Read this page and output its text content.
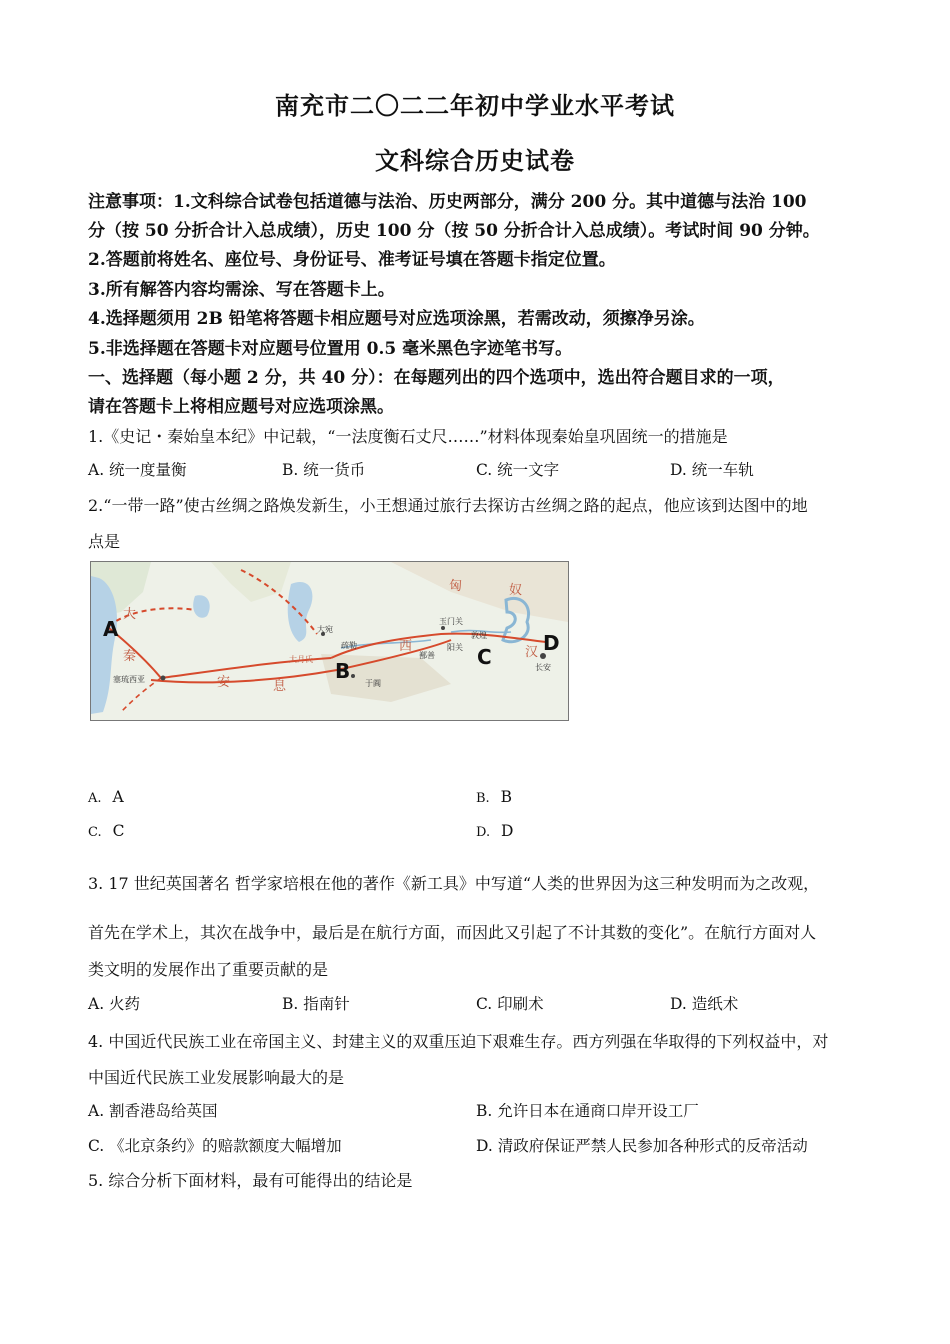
南充市二〇二二年初中学业水平考试
文科综合历史试卷
注意事项：1.文科综合试卷包括道德与法治、历史两部分，满分 200 分。其中道德与法治 100
分（按 50 分折合计入总成绩），历史 100 分（按 50 分折合计入总成绩）。考试时间 90 分钟。
2.答题前将姓名、座位号、身份证号、准考证号填在答题卡指定位置。
3.所有解答内容均需涂、写在答题卡上。
4.选择题须用 2B 铅笔将答题卡相应题号对应选项涂黑，若需改动，须擦净另涂。
5.非选择题在答题卡对应题号位置用 0.5 毫米黑色字迹笔书写。
一、选择题（每小题 2 分，共 40 分）：在每题列出的四个选项中，选出符合题目求的一项，
请在答题卡上将相应题号对应选项涂黑。
1.《史记・秦始皇本纪》中记载，“一法度衡石丈尺……”材料体现秦始皇巩固统一的措施是
A. 统一度量衡	B. 统一货币	C. 统一文字	D. 统一车轨
2.“一带一路”使古丝绸之路焕发新生，小王想通过旅行去探访古丝绸之路的起点，他应该到达图中的地
点是
匈	奴
大
秦
安	息
西	汉
大宛
疏勒
大月氏
于阗
玉门关
敦煌
阳关
鄯善
长安
塞琉西亚
A
B
C
D
A. A	B. B
C. C	D. D
3. 17 世纪英国著名 哲学家培根在他的著作《新工具》中写道“人类的世界因为这三种发明而为之改观，
首先在学术上，其次在战争中，最后是在航行方面，而因此又引起了不计其数的变化”。在航行方面对人
类文明的发展作出了重要贡献的是
A. 火药	B. 指南针	C. 印刷术	D. 造纸术
4. 中国近代民族工业在帝国主义、封建主义的双重压迫下艰难生存。西方列强在华取得的下列权益中，对
中国近代民族工业发展影响最大的是
A. 割香港岛给英国	B. 允许日本在通商口岸开设工厂
C. 《北京条约》的赔款额度大幅增加	D. 清政府保证严禁人民参加各种形式的反帝活动
5. 综合分析下面材料，最有可能得出的结论是
